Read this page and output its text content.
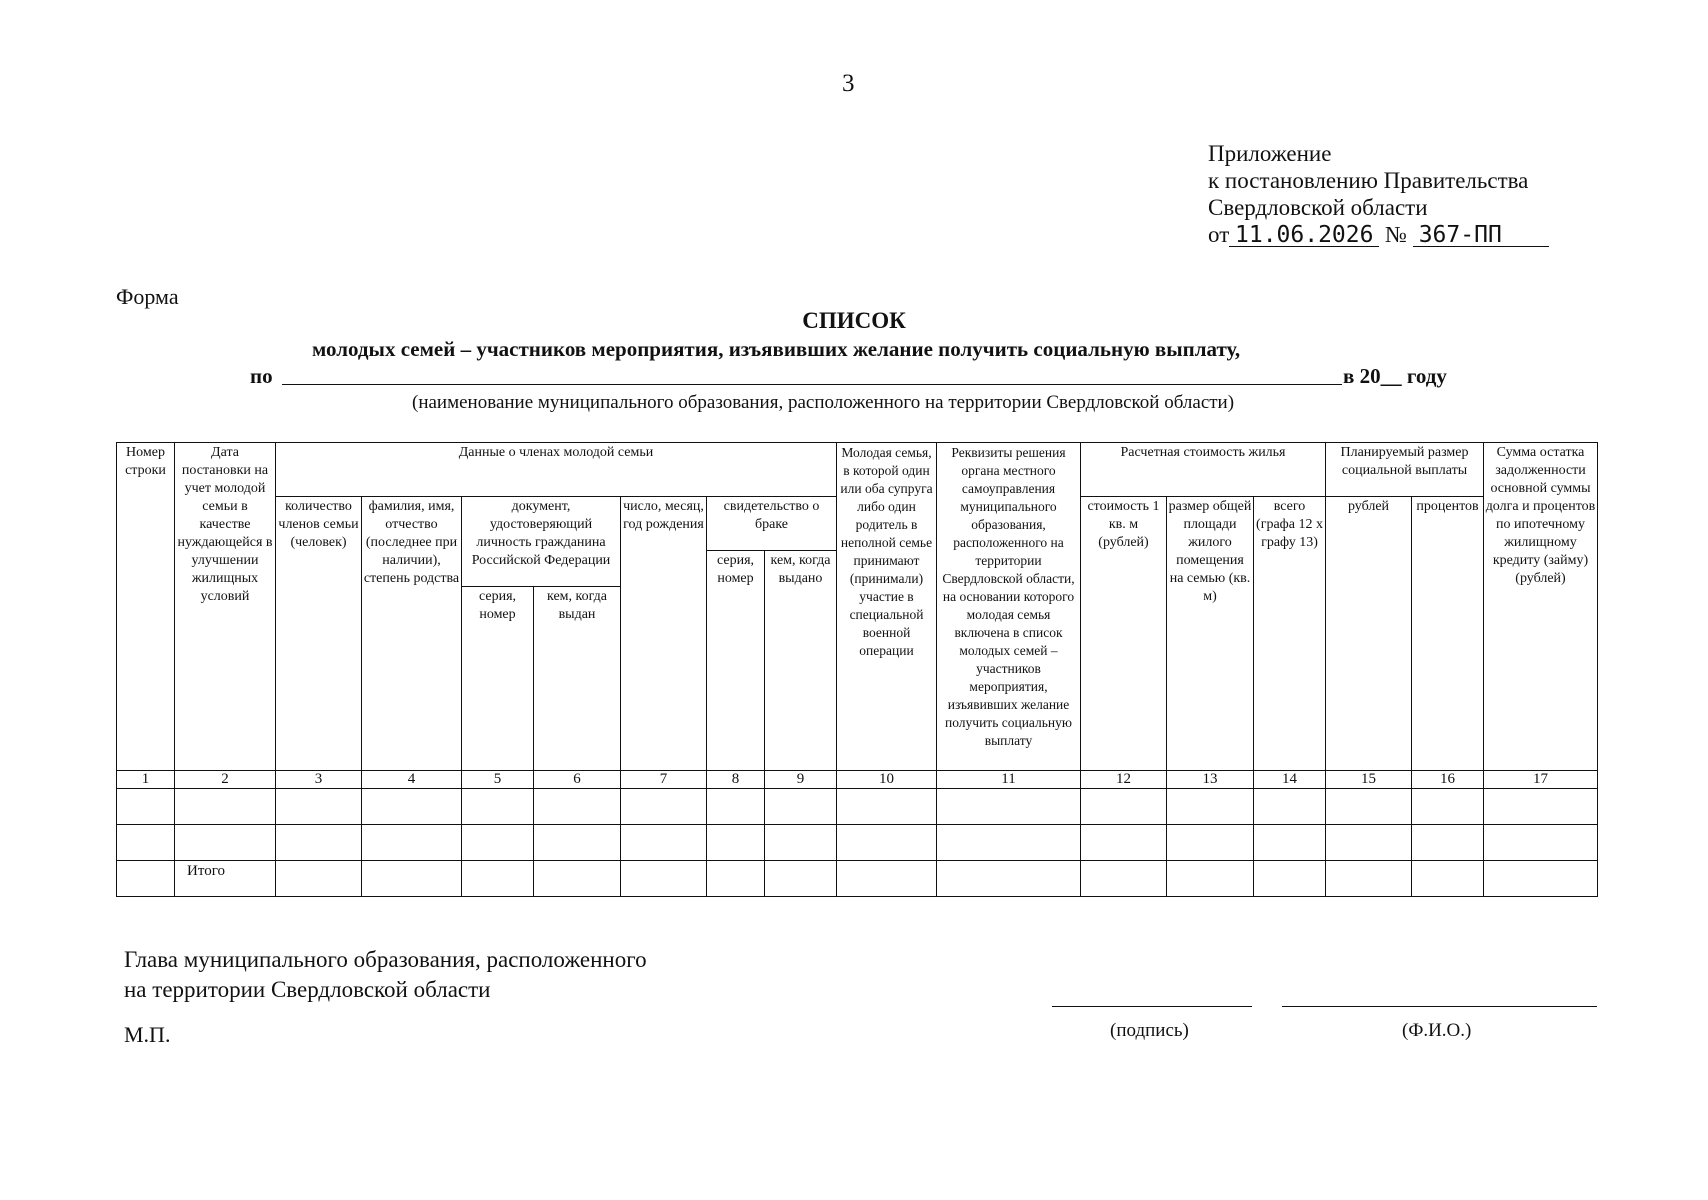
3
Приложение
к постановлению Правительства
Свердловской области
от 11.06.2026 № 367-ПП
Форма
СПИСОК
молодых семей – участников мероприятия, изъявивших желание получить социальную выплату,
по	в 20__ году
(наименование муниципального образования, расположенного на территории Свердловской области)
Номер строки	Дата постановки на учет молодой семьи в качестве нуждающейся в улучшении жилищных условий	Данные о членах молодой семьи							Молодая семья, в которой один или оба супруга либо один родитель в неполной семье принимают (принимали) участие в специальной военной операции	Реквизиты решения органа местного самоуправления муниципального образования, расположенного на территории Свердловской области, на основании которого молодая семья включена в список молодых семей – участников мероприятия, изъявивших желание получить социальную выплату	Расчетная стоимость жилья			Планируемый размер социальной выплаты		Сумма остатка задолженности основной суммы долга и процентов по ипотечному жилищному кредиту (займу) (рублей)
		количество членов семьи (человек)	фамилия, имя, отчество (последнее при наличии), степень родства	документ, удостоверяющий личность гражданина Российской Федерации		число, месяц, год рождения	свидетельство о браке				стоимость 1 кв. м (рублей)	размер общей площади жилого помещения на семью (кв. м)	всего (графа 12 х графу 13)	рублей	процентов	
							серия, номер	кем, когда выдано								
				серия, номер	кем, когда выдан											
1	2	3	4	5	6	7	8	9	10	11	12	13	14	15	16	17

	Итого															
Глава муниципального образования, расположенного
на территории Свердловской области
М.П.	(подпись)	(Ф.И.О.)
